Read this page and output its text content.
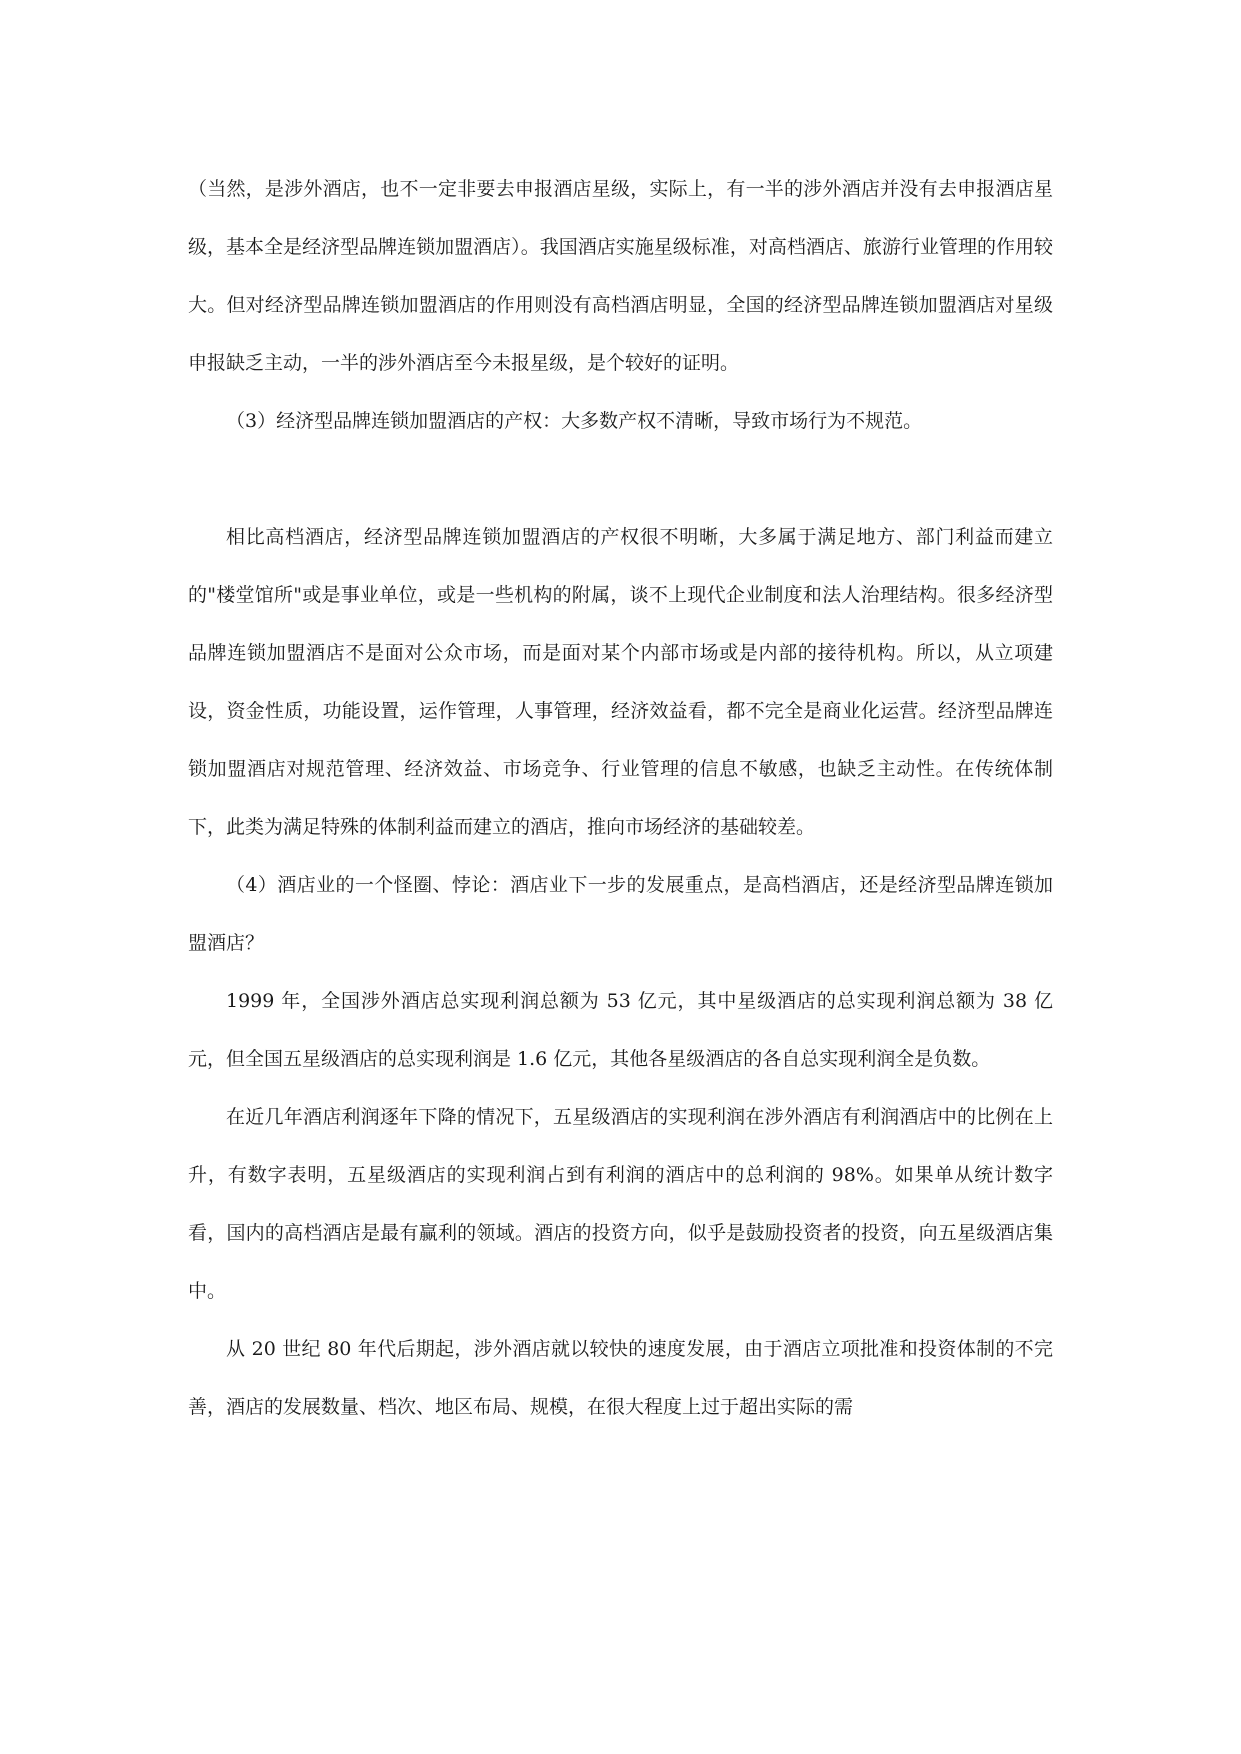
（当然，是涉外酒店，也不一定非要去申报酒店星级，实际上，有一半的涉外酒店并没有去申报酒店星级，基本全是经济型品牌连锁加盟酒店）。我国酒店实施星级标准，对高档酒店、旅游行业管理的作用较大。但对经济型品牌连锁加盟酒店的作用则没有高档酒店明显，全国的经济型品牌连锁加盟酒店对星级申报缺乏主动，一半的涉外酒店至今未报星级，是个较好的证明。

（3）经济型品牌连锁加盟酒店的产权：大多数产权不清晰，导致市场行为不规范。

相比高档酒店，经济型品牌连锁加盟酒店的产权很不明晰，大多属于满足地方、部门利益而建立的"楼堂馆所"或是事业单位，或是一些机构的附属，谈不上现代企业制度和法人治理结构。很多经济型品牌连锁加盟酒店不是面对公众市场，而是面对某个内部市场或是内部的接待机构。所以，从立项建设，资金性质，功能设置，运作管理，人事管理，经济效益看，都不完全是商业化运营。经济型品牌连锁加盟酒店对规范管理、经济效益、市场竞争、行业管理的信息不敏感，也缺乏主动性。在传统体制下，此类为满足特殊的体制利益而建立的酒店，推向市场经济的基础较差。

（4）酒店业的一个怪圈、悖论：酒店业下一步的发展重点，是高档酒店，还是经济型品牌连锁加盟酒店？

1999 年，全国涉外酒店总实现利润总额为 53 亿元，其中星级酒店的总实现利润总额为 38 亿元，但全国五星级酒店的总实现利润是 1.6 亿元，其他各星级酒店的各自总实现利润全是负数。

在近几年酒店利润逐年下降的情况下，五星级酒店的实现利润在涉外酒店有利润酒店中的比例在上升，有数字表明，五星级酒店的实现利润占到有利润的酒店中的总利润的 98%。如果单从统计数字看，国内的高档酒店是最有赢利的领域。酒店的投资方向，似乎是鼓励投资者的投资，向五星级酒店集中。

从 20 世纪 80 年代后期起，涉外酒店就以较快的速度发展，由于酒店立项批准和投资体制的不完善，酒店的发展数量、档次、地区布局、规模，在很大程度上过于超出实际的需
